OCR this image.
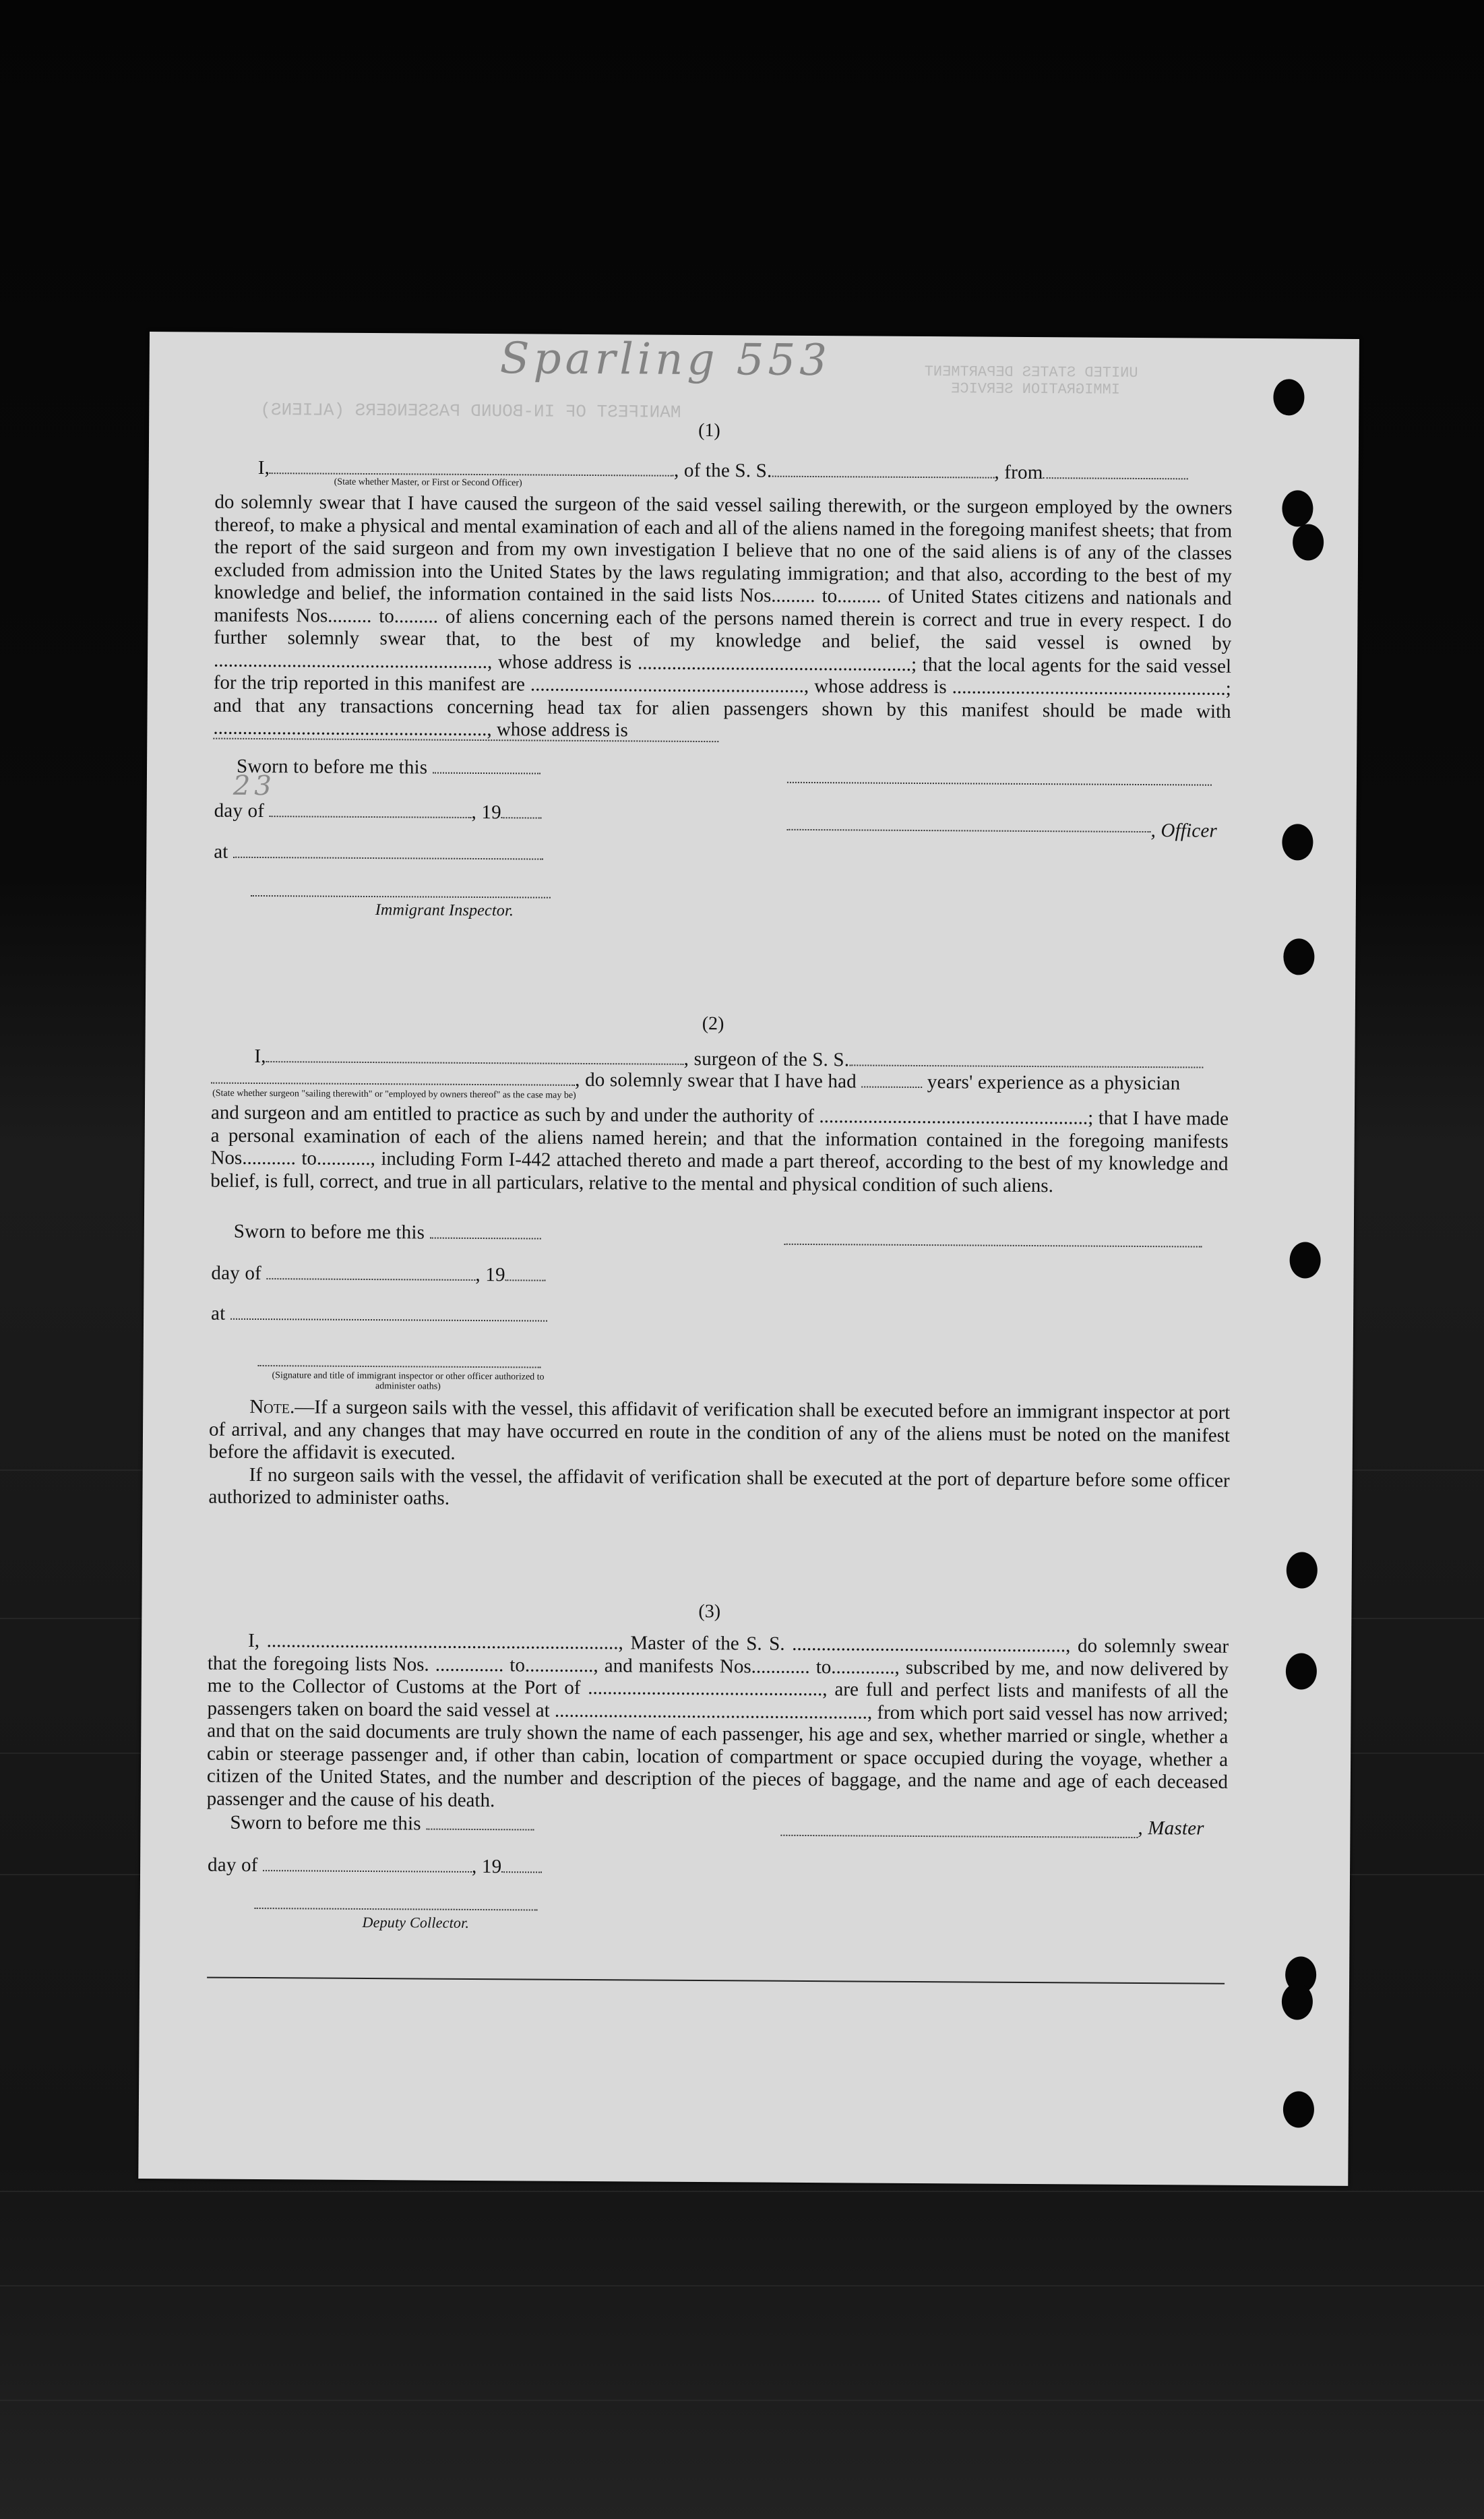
MANIFEST OF IN-BOUND PASSENGERS (ALIENS)
UNITED STATES DEPARTMENT
IMMIGRATION SERVICE
Sparling 553
(1)
I,	, of the S. S.	, from
(State whether Master, or First or Second Officer)

do solemnly swear that I have caused the surgeon of the said vessel sailing therewith, or the surgeon employed by the owners thereof, to make a physical and mental examination of each and all of the aliens named in the foregoing manifest sheets; that from the report of the said surgeon and from my own investigation I believe that no one of the said aliens is of any of the classes excluded from admission into the United States by the laws regulating immigration; and that also, according to the best of my knowledge and belief, the information contained in the said lists Nos......... to......... of United States citizens and nationals and manifests Nos......... to......... of aliens concerning each of the persons named therein is correct and true in every respect. I do further solemnly swear that, to the best of my knowledge and belief, the said vessel is owned by ........................................................, whose address is ........................................................; that the local agents for the said vessel for the trip reported in this manifest are ........................................................, whose address is ........................................................; and that any transactions concerning head tax for alien passengers shown by this manifest should be made with ........................................................, whose address is

Sworn to before me this
day of	, 19
23
at
Immigrant Inspector.
, Officer
(2)
I,	, surgeon of the S. S.
, do solemnly swear that I have had	years' experience as a physician
(State whether surgeon "sailing therewith" or "employed by owners thereof" as the case may be)

and surgeon and am entitled to practice as such by and under the authority of .......................................................; that I have made a personal examination of each of the aliens named herein; and that the information contained in the foregoing manifests Nos........... to..........., including Form I-442 attached thereto and made a part thereof, according to the best of my knowledge and belief, is full, correct, and true in all particulars, relative to the mental and physical condition of such aliens.

Sworn to before me this
day of	, 19
at
(Signature and title of immigrant inspector or other officer authorized to administer oaths)

Note.—If a surgeon sails with the vessel, this affidavit of verification shall be executed before an immigrant inspector at port of arrival, and any changes that may have occurred en route in the condition of any of the aliens must be noted on the manifest before the affidavit is executed.

If no surgeon sails with the vessel, the affidavit of verification shall be executed at the port of departure before some officer authorized to administer oaths.

(3)

I, ........................................................................, Master of the S. S. ........................................................, do solemnly swear that the foregoing lists Nos. .............. to.............., and manifests Nos............ to............., subscribed by me, and now delivered by me to the Collector of Customs at the Port of ................................................, are full and perfect lists and manifests of all the passengers taken on board the said vessel at ................................................................, from which port said vessel has now arrived; and that on the said documents are truly shown the name of each passenger, his age and sex, whether married or single, whether a cabin or steerage passenger and, if other than cabin, location of compartment or space occupied during the voyage, whether a citizen of the United States, and the number and description of the pieces of baggage, and the name and age of each deceased passenger and the cause of his death.

Sworn to before me this	, Master
day of	, 19
Deputy Collector.
